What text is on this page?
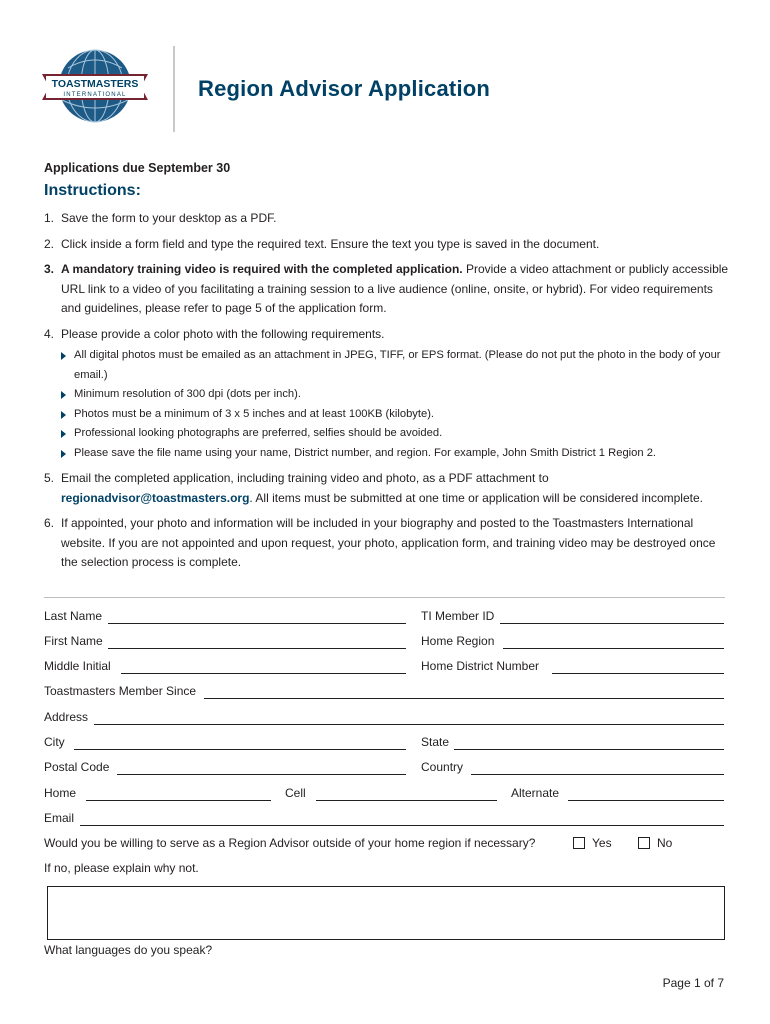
TOASTMASTERS
INTERNATIONAL	Region Advisor Application
Applications due September 30
Instructions:
1. Save the form to your desktop as a PDF.
2. Click inside a form field and type the required text. Ensure the text you type is saved in the document.
3. A mandatory training video is required with the completed application. Provide a video attachment or publicly accessible URL link to a video of you facilitating a training session to a live audience (online, onsite, or hybrid). For video requirements and guidelines, please refer to page 5 of the application form.
4. Please provide a color photo with the following requirements.
All digital photos must be emailed as an attachment in JPEG, TIFF, or EPS format. (Please do not put the photo in the body of your email.)
Minimum resolution of 300 dpi (dots per inch).
Photos must be a minimum of 3 x 5 inches and at least 100KB (kilobyte).
Professional looking photographs are preferred, selfies should be avoided.
Please save the file name using your name, District number, and region. For example, John Smith District 1 Region 2.
5. Email the completed application, including training video and photo, as a PDF attachment to regionadvisor@toastmasters.org. All items must be submitted at one time or application will be considered incomplete.
6. If appointed, your photo and information will be included in your biography and posted to the Toastmasters International website. If you are not appointed and upon request, your photo, application form, and training video may be destroyed once the selection process is complete.
Last Name	TI Member ID
First Name	Home Region
Middle Initial	Home District Number
Toastmasters Member Since
Address
City	State
Postal Code	Country
Home	Cell	Alternate
Email
Would you be willing to serve as a Region Advisor outside of your home region if necessary?	Yes	No
If no, please explain why not.
What languages do you speak?
Page 1 of 7
